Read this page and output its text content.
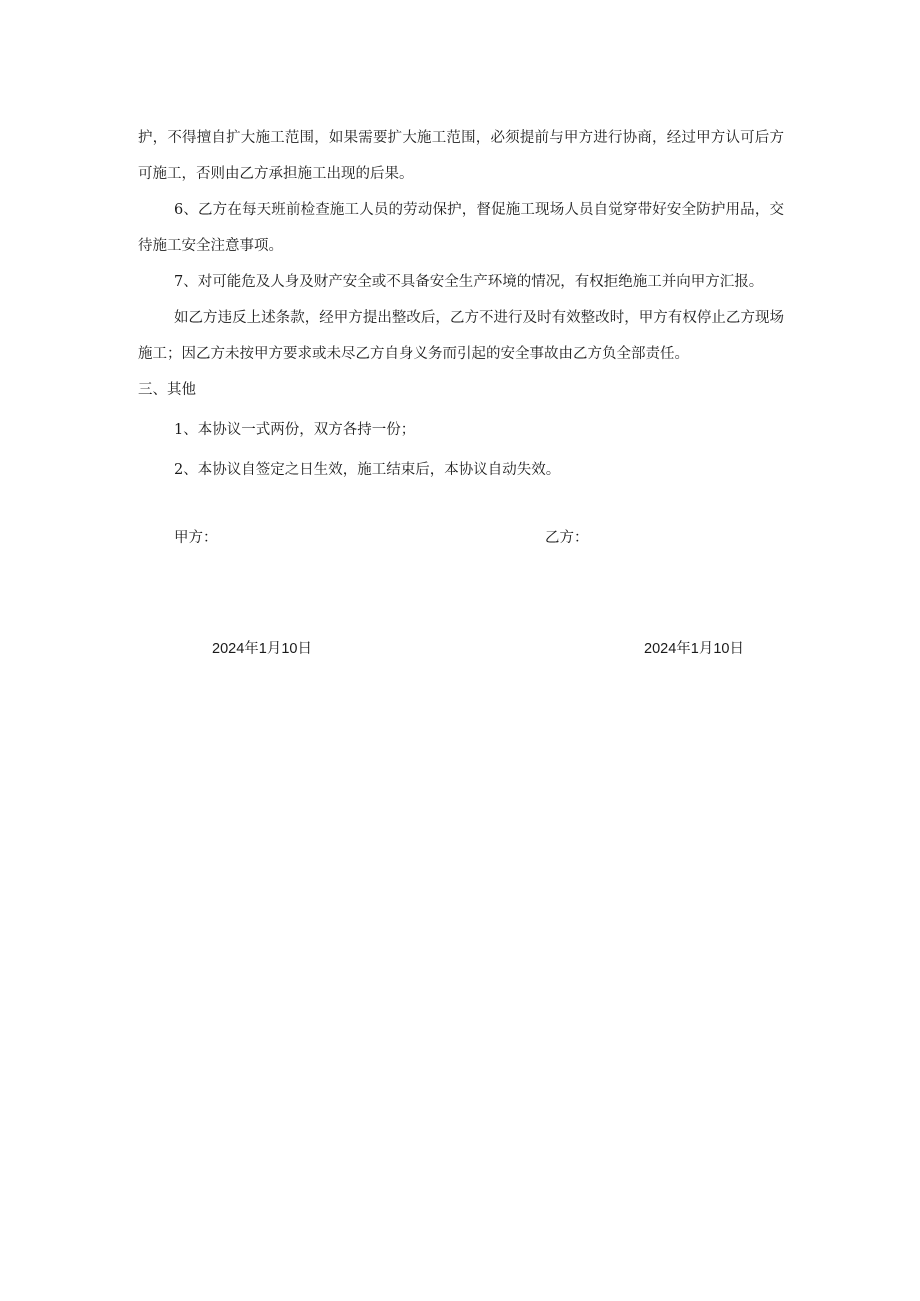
护，不得擅自扩大施工范围，如果需要扩大施工范围，必须提前与甲方进行协商，经过甲方认可后方可施工，否则由乙方承担施工出现的后果。

6、乙方在每天班前检查施工人员的劳动保护，督促施工现场人员自觉穿带好安全防护用品，交待施工安全注意事项。

7、对可能危及人身及财产安全或不具备安全生产环境的情况，有权拒绝施工并向甲方汇报。

如乙方违反上述条款，经甲方提出整改后，乙方不进行及时有效整改时，甲方有权停止乙方现场施工；因乙方未按甲方要求或未尽乙方自身义务而引起的安全事故由乙方负全部责任。

三、其他

1、本协议一式两份，双方各持一份；

2、本协议自签定之日生效，施工结束后，本协议自动失效。

甲方：	乙方：

2024年1月10日	2024年1月10日
